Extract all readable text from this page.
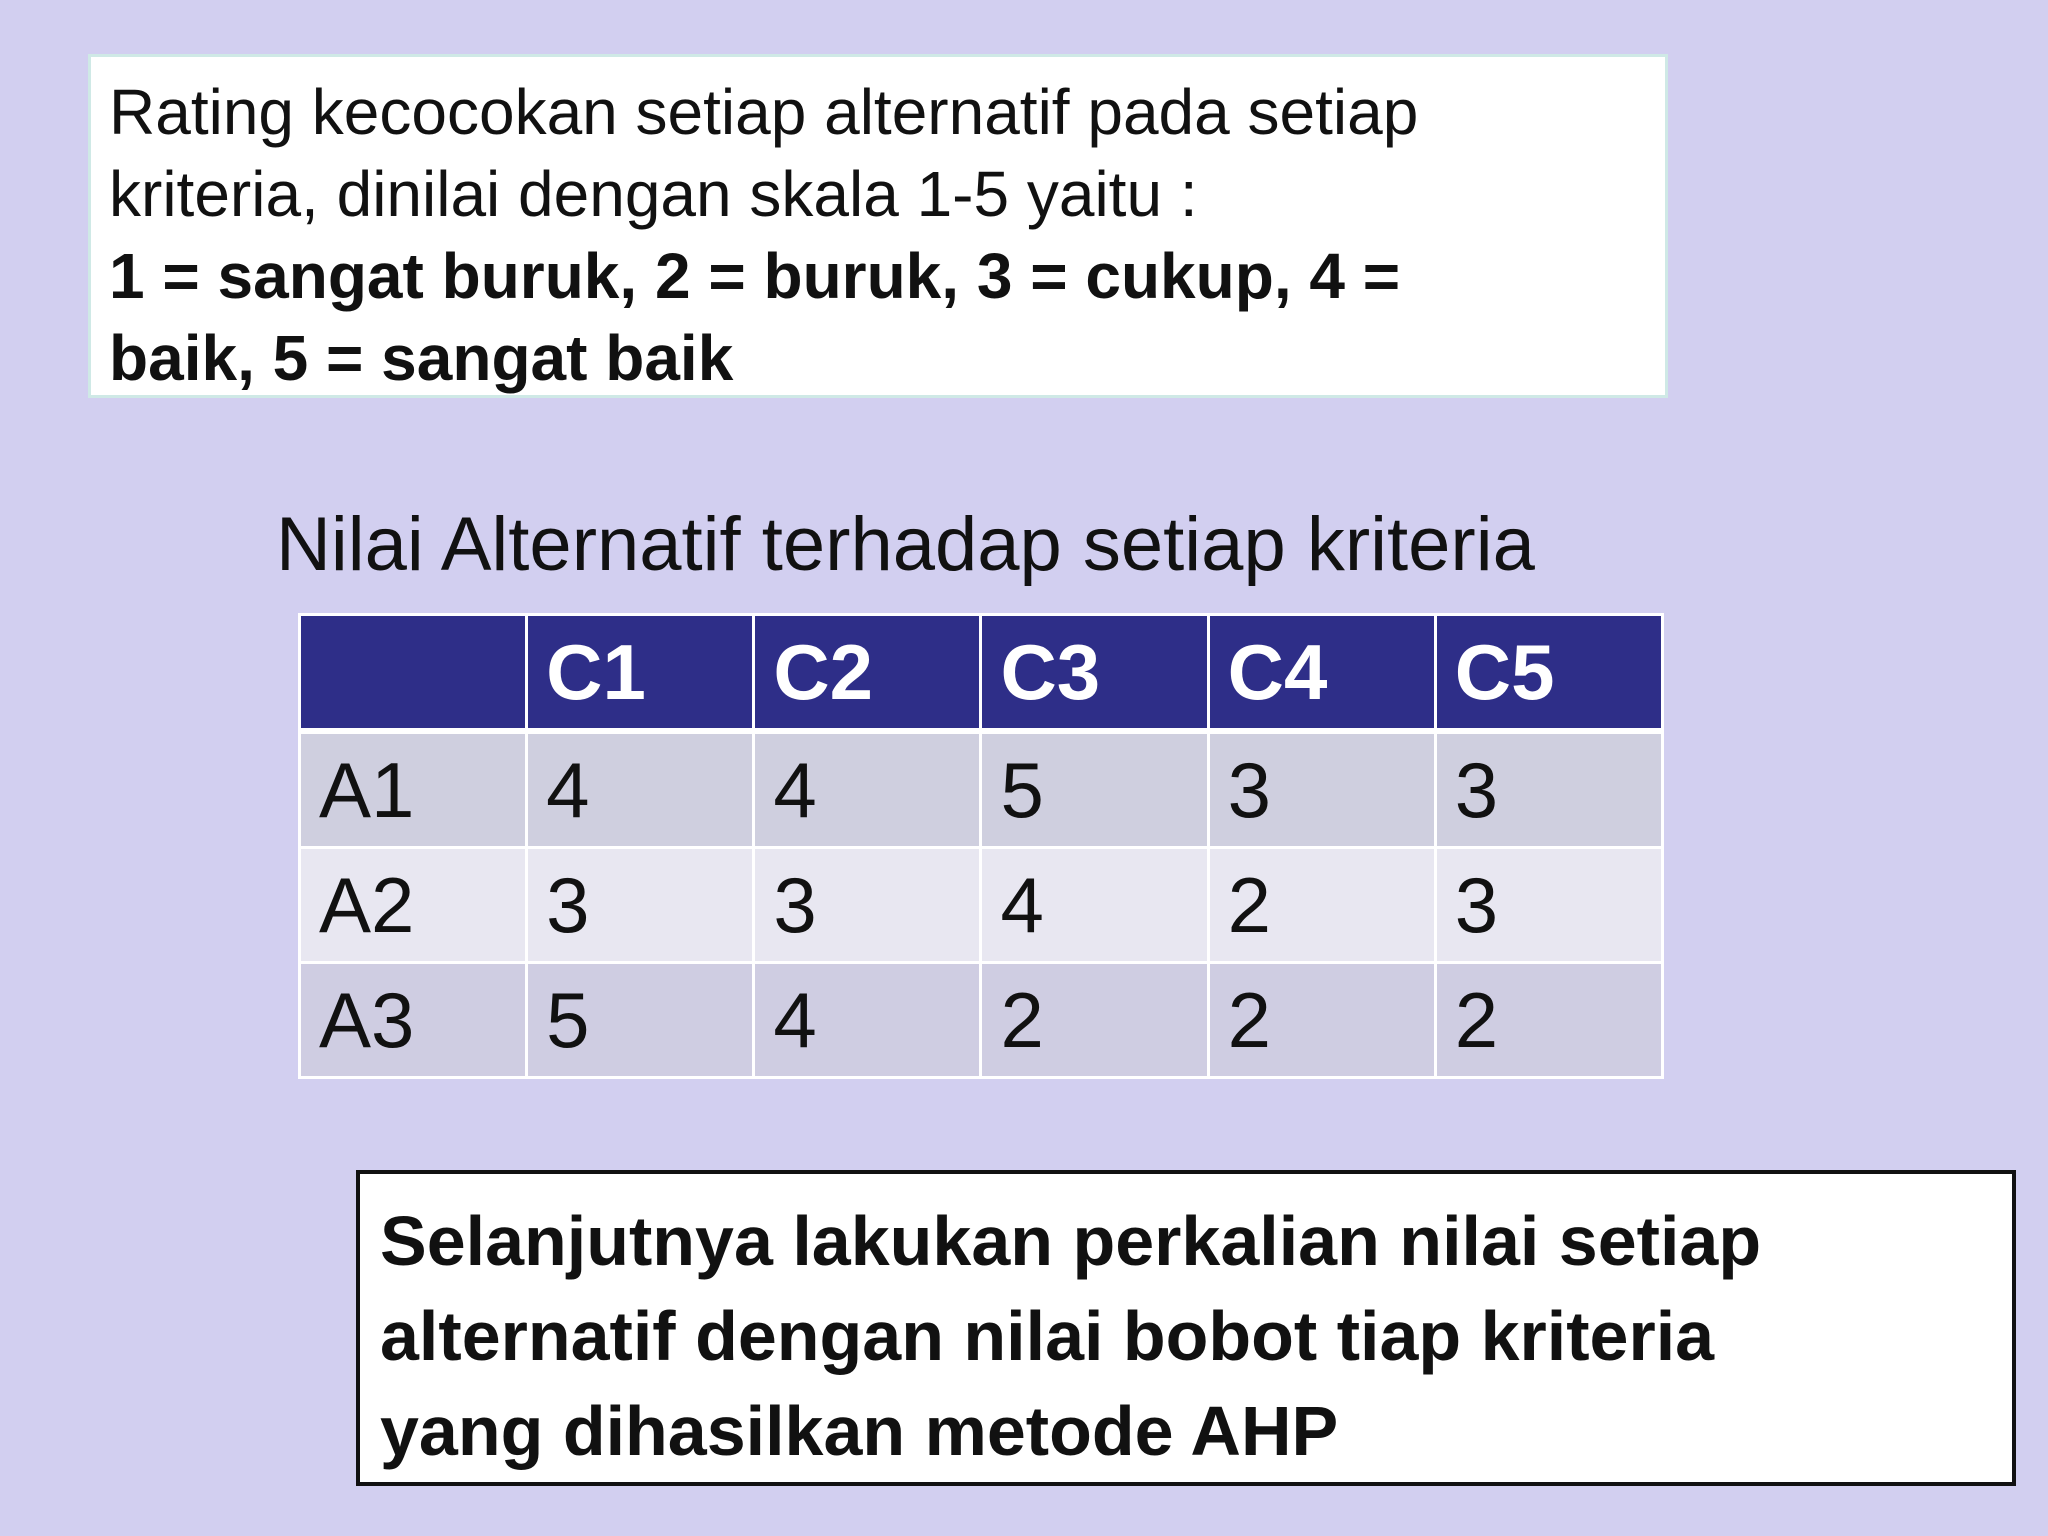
Rating kecocokan setiap alternatif pada setiap
kriteria, dinilai dengan skala 1-5 yaitu :
1 = sangat buruk, 2 = buruk, 3 = cukup, 4 =
baik, 5 = sangat baik
Nilai Alternatif terhadap setiap kriteria
	C1	C2	C3	C4	C5
A1	4	4	5	3	3
A2	3	3	4	2	3
A3	5	4	2	2	2
Selanjutnya lakukan perkalian nilai setiap
alternatif dengan nilai bobot tiap kriteria
yang dihasilkan metode AHP
